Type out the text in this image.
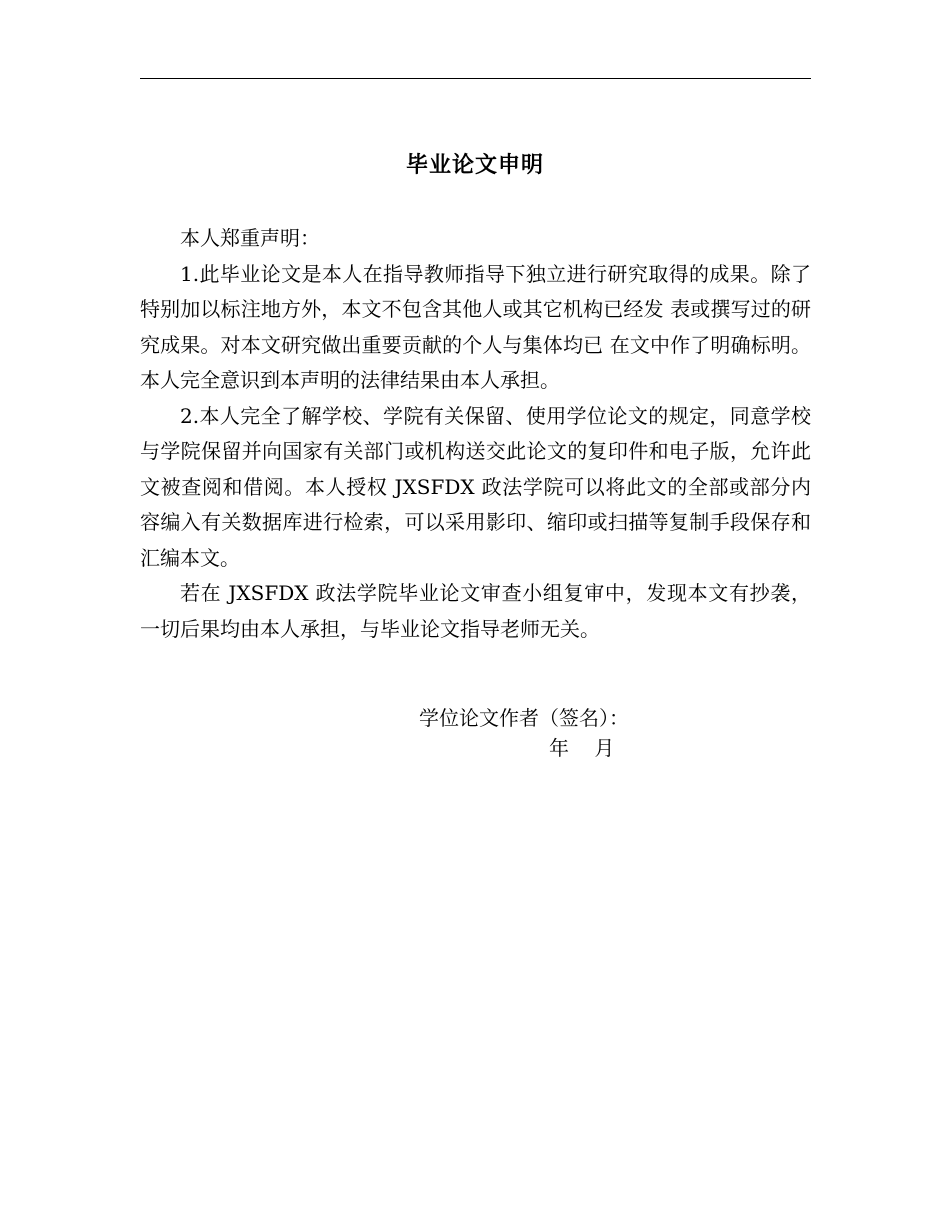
毕业论文申明

本人郑重声明：

1.此毕业论文是本人在指导教师指导下独立进行研究取得的成果。除了特别加以标注地方外，本文不包含其他人或其它机构已经发 表或撰写过的研究成果。对本文研究做出重要贡献的个人与集体均已 在文中作了明确标明。本人完全意识到本声明的法律结果由本人承担。

2.本人完全了解学校、学院有关保留、使用学位论文的规定，同意学校与学院保留并向国家有关部门或机构送交此论文的复印件和电子版，允许此文被查阅和借阅。本人授权 JXSFDX 政法学院可以将此文的全部或部分内容编入有关数据库进行检索，可以采用影印、缩印或扫描等复制手段保存和汇编本文。

若在 JXSFDX 政法学院毕业论文审查小组复审中，发现本文有抄袭，一切后果均由本人承担，与毕业论文指导老师无关。

学位论文作者（签名）：
年    月
